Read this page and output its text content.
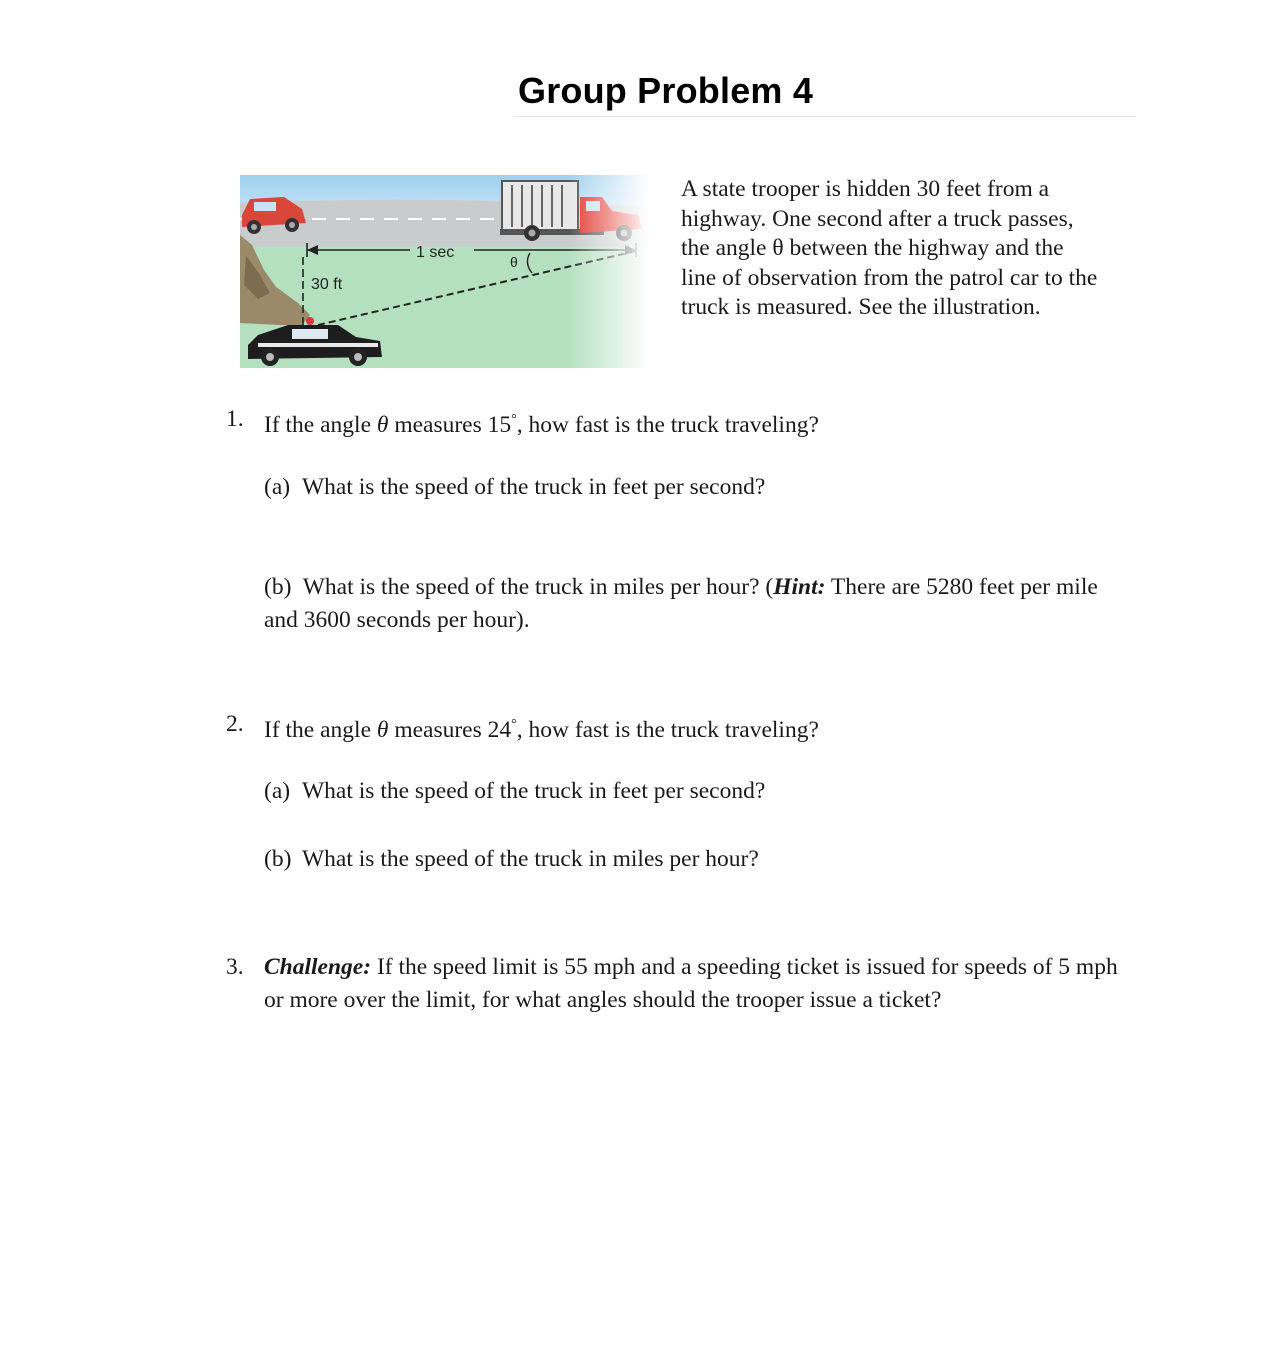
Group Problem 4
A state trooper is hidden 30 feet from a highway. One second after a truck passes, the angle θ between the highway and the line of observation from the patrol car to the truck is measured. See the illustration.
1. If the angle θ measures 15°, how fast is the truck traveling?
(a) What is the speed of the truck in feet per second?
(b) What is the speed of the truck in miles per hour? (Hint: There are 5280 feet per mile and 3600 seconds per hour).
2. If the angle θ measures 24°, how fast is the truck traveling?
(a) What is the speed of the truck in feet per second?
(b) What is the speed of the truck in miles per hour?
3. Challenge: If the speed limit is 55 mph and a speeding ticket is issued for speeds of 5 mph or more over the limit, for what angles should the trooper issue a ticket?
